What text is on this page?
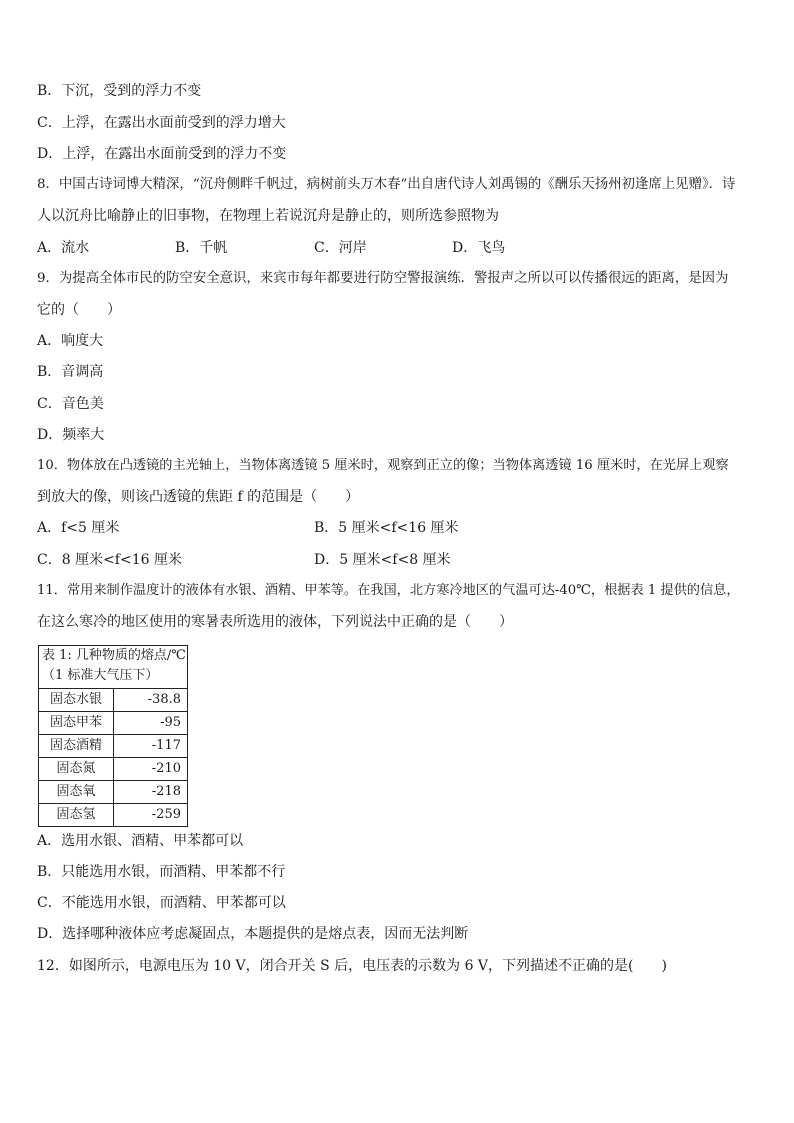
B．下沉，受到的浮力不变
C．上浮，在露出水面前受到的浮力增大
D．上浮，在露出水面前受到的浮力不变
8．中国古诗词博大精深，“沉舟侧畔千帆过，病树前头万木春”出自唐代诗人刘禹锡的《酬乐天扬州初逢席上见赠》．诗
人以沉舟比喻静止的旧事物，在物理上若说沉舟是静止的，则所选参照物为
A．流水	B．千帆	C．河岸	D．飞鸟
9．为提高全体市民的防空安全意识，来宾市每年都要进行防空警报演练．警报声之所以可以传播很远的距离，是因为
它的（　　）
A．响度大
B．音调高
C．音色美
D．频率大
10．物体放在凸透镜的主光轴上，当物体离透镜 5 厘米时，观察到正立的像；当物体离透镜 16 厘米时，在光屏上观察
到放大的像，则该凸透镜的焦距 f 的范围是（　　）
A．f<5 厘米	B．5 厘米<f<16 厘米
C．8 厘米<f<16 厘米	D．5 厘米<f<8 厘米
11．常用来制作温度计的液体有水银、酒精、甲苯等。在我国，北方寒冷地区的气温可达-40℃，根据表 1 提供的信息，
在这么寒冷的地区使用的寒暑表所选用的液体，下列说法中正确的是（　　）
表 1: 几种物质的熔点/℃
（1 标准大气压下）
固态水银	-38.8
固态甲苯	-95
固态酒精	-117
固态氮	-210
固态氧	-218
固态氢	-259
A．选用水银、酒精、甲苯都可以
B．只能选用水银，而酒精、甲苯都不行
C．不能选用水银，而酒精、甲苯都可以
D．选择哪种液体应考虑凝固点，本题提供的是熔点表，因而无法判断
12．如图所示，电源电压为 10 V，闭合开关 S 后，电压表的示数为 6 V，下列描述不正确的是(　　)
